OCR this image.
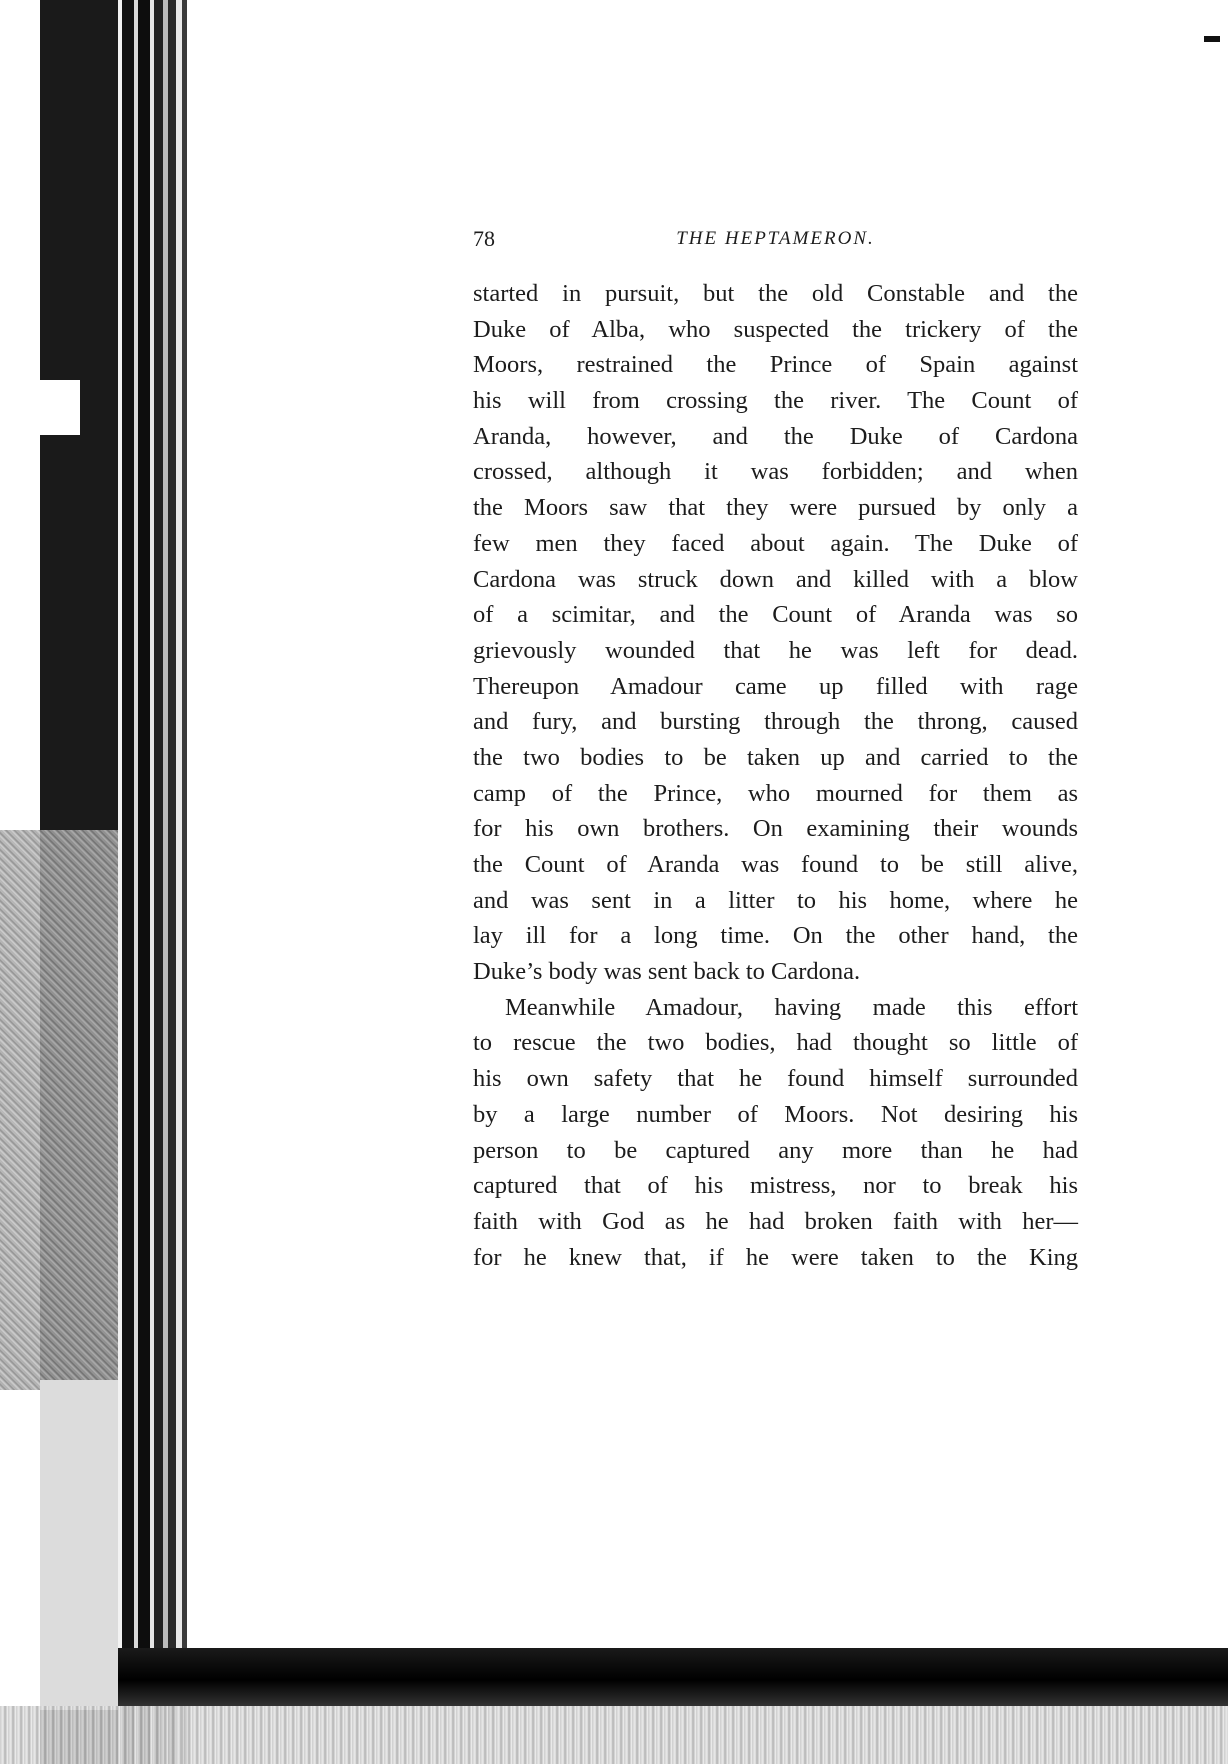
78	THE HEPTAMERON.
started in pursuit, but the old Constable and the
Duke of Alba, who suspected the trickery of the
Moors, restrained the Prince of Spain against
his will from crossing the river. The Count of
Aranda, however, and the Duke of Cardona
crossed, although it was forbidden; and when
the Moors saw that they were pursued by only a
few men they faced about again. The Duke of
Cardona was struck down and killed with a blow
of a scimitar, and the Count of Aranda was so
grievously wounded that he was left for dead.
Thereupon Amadour came up filled with rage
and fury, and bursting through the throng, caused
the two bodies to be taken up and carried to the
camp of the Prince, who mourned for them as
for his own brothers. On examining their wounds
the Count of Aranda was found to be still alive,
and was sent in a litter to his home, where he
lay ill for a long time. On the other hand, the
Duke’s body was sent back to Cardona.
Meanwhile Amadour, having made this effort
to rescue the two bodies, had thought so little of
his own safety that he found himself surrounded
by a large number of Moors. Not desiring his
person to be captured any more than he had
captured that of his mistress, nor to break his
faith with God as he had broken faith with her—
for he knew that, if he were taken to the King
